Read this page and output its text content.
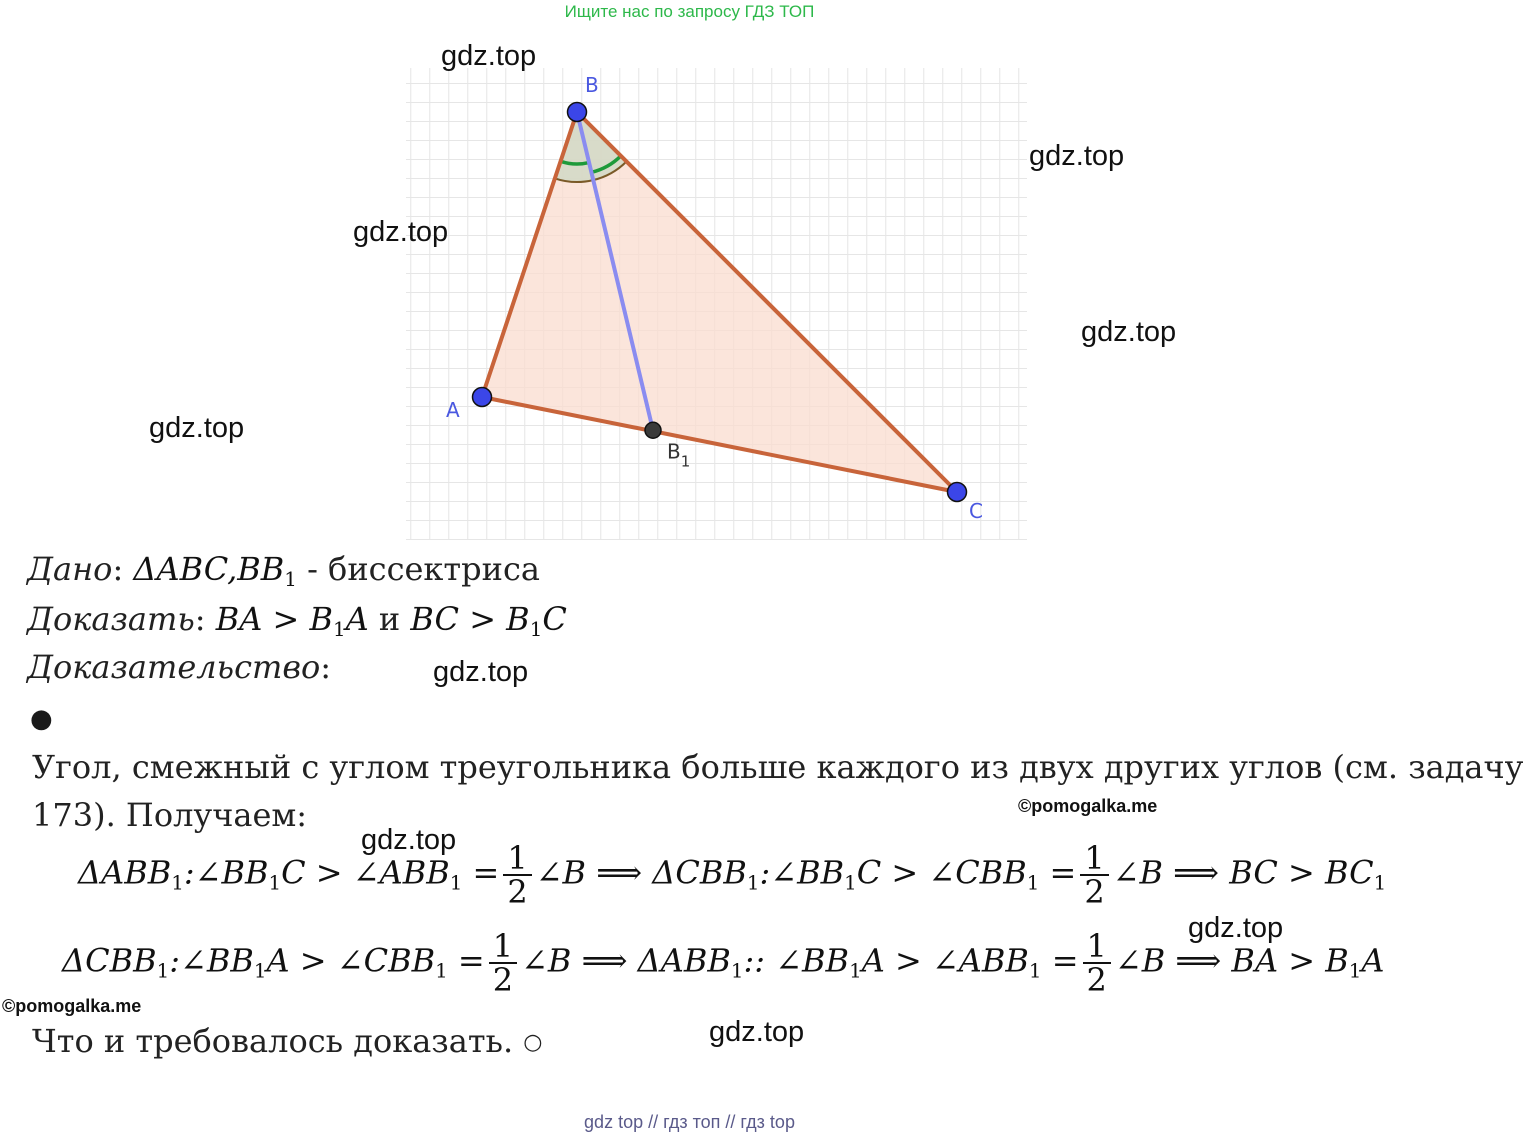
Ищите нас по запросу ГДЗ ТОП
A
B
C
$B_1$
gdz.top
gdz.top
gdz.top
gdz.top
gdz.top
gdz.top
gdz.top
gdz.top
gdz.top
©pomogalka.me
©pomogalka.me
Дано: $\Delta ABC,BB_1$ - биссектриса
Доказать: BA > $B_1A$ и BC > $B_1C$
Доказательство:
●
Угол, смежный с углом треугольника больше каждого из двух других углов (см. задачу
173). Получаем:
$\Delta ABB_1:\angle BB_1C$ > $\angle ABB_1 = \frac{1}{2}$ ∠B ⟹ $\Delta CBB_1:\angle BB_1C$ > $\angle CBB_1 = \frac{1}{2}$ ∠B ⟹ BC > $BC_1$
$\Delta CBB_1:\angle BB_1A$ > $\angle CBB_1 = \frac{1}{2}$ ∠B ⟹ $\Delta ABB_1$:: $\angle BB_1A$ > $\angle ABB_1 = \frac{1}{2}$ ∠B ⟹ BA > $B_1A$
Что и требовалось доказать. ○
gdz top // гдз топ // гдз top
